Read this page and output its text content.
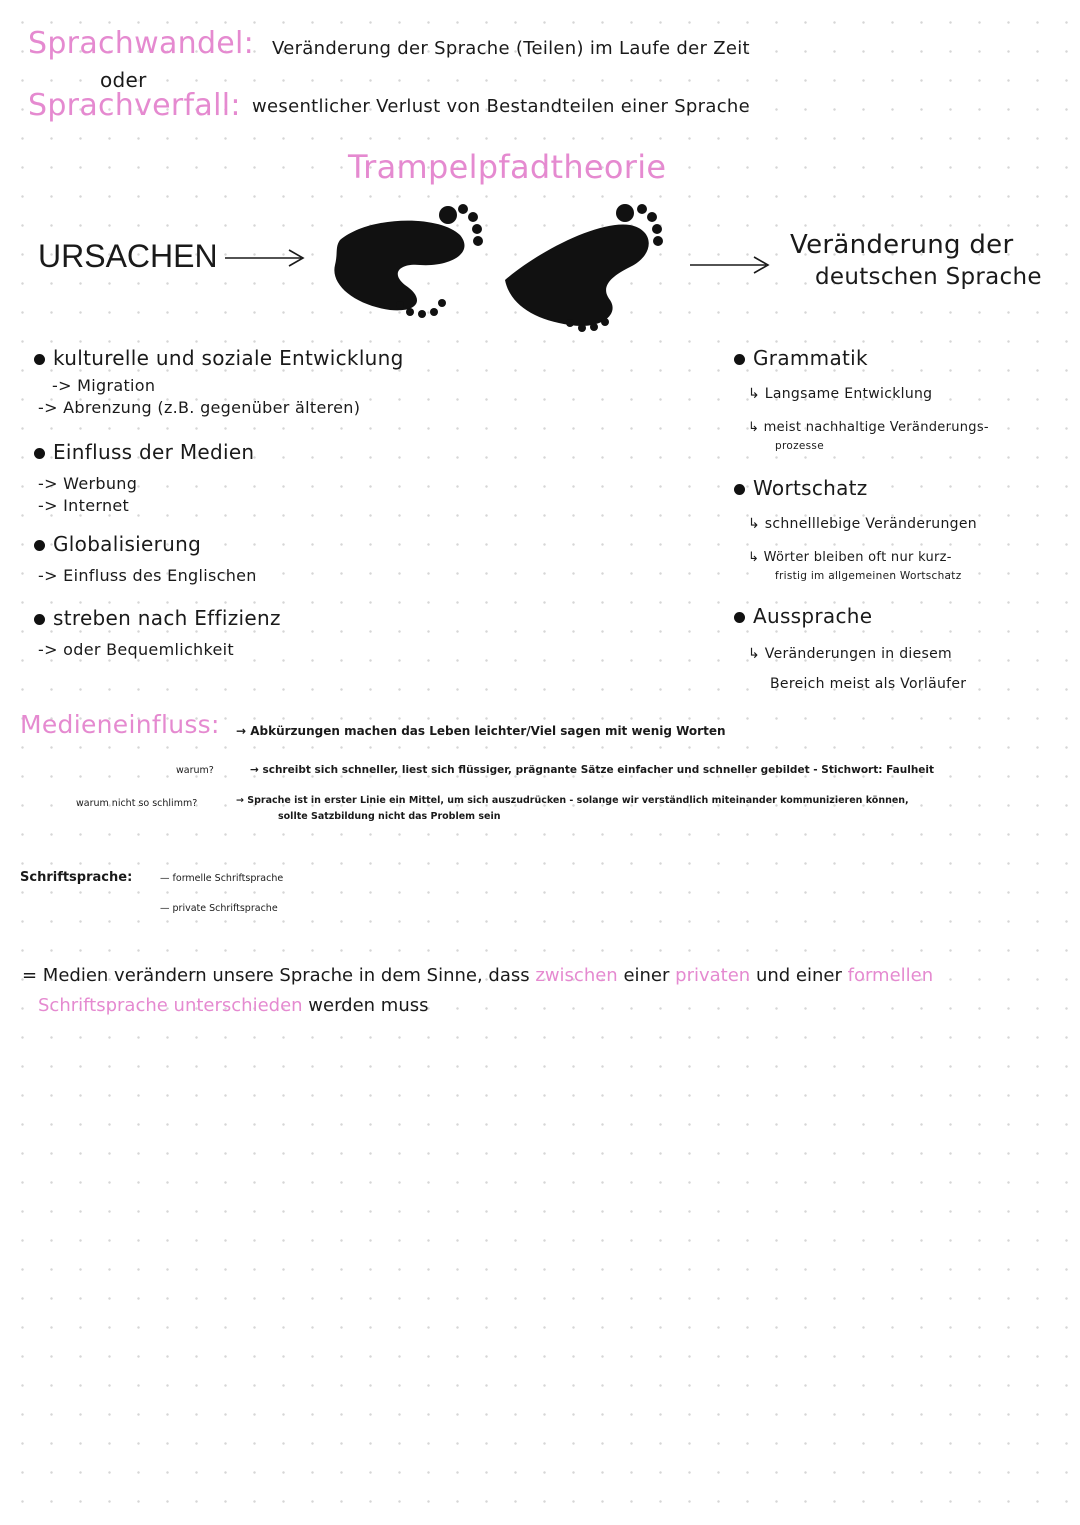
Sprachwandel: Veränderung der Sprache (Teilen) im Laufe der Zeit
oder
Sprachverfall: wesentlicher Verlust von Bestandteilen einer Sprache
Trampelpfadtheorie
URSACHEN	Veränderung der
deutschen Sprache
kulturelle und soziale Entwicklung
-> Migration
-> Abrenzung (z.B. gegenüber älteren)
Einfluss der Medien
-> Werbung
-> Internet
Globalisierung
-> Einfluss des Englischen
streben nach Effizienz
-> oder Bequemlichkeit
Grammatik
↳ Langsame Entwicklung
↳ meist nachhaltige Veränderungs-
prozesse
Wortschatz
↳ schnelllebige Veränderungen
↳ Wörter bleiben oft nur kurz-
fristig im allgemeinen Wortschatz
Aussprache
↳ Veränderungen in diesem
Bereich meist als Vorläufer
Medieneinfluss: → Abkürzungen machen das Leben leichter/Viel sagen mit wenig Worten
warum?	→ schreibt sich schneller, liest sich flüssiger, prägnante Sätze einfacher und schneller gebildet - Stichwort: Faulheit
warum nicht so schlimm?	→ Sprache ist in erster Linie ein Mittel, um sich auszudrücken - solange wir verständlich miteinander kommunizieren können,
sollte Satzbildung nicht das Problem sein
Schriftsprache:	— formelle Schriftsprache
— private Schriftsprache
= Medien verändern unsere Sprache in dem Sinne, dass zwischen einer privaten und einer formellen
Schriftsprache unterschieden werden muss
